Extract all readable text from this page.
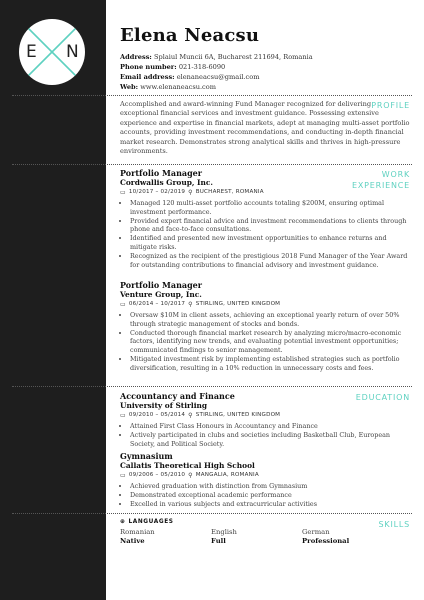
E N
Elena Neacsu
Address: Splaiul Muncii 6A, Bucharest 211694, Romania
Phone number: 021-318-6090
Email address: elenaneacsu@gmail.com
Web: www.elenaneacsu.com
PROFILE
Accomplished and award-winning Fund Manager recognized for delivering exceptional financial services and investment guidance. Possessing extensive experience and expertise in financial markets, adept at managing multi-asset portfolio accounts, providing investment recommendations, and conducting in-depth financial market research. Demonstrates strong analytical skills and thrives in high-pressure environments.
WORK
EXPERIENCE
Portfolio Manager
Cordwallis Group, Inc.
▭ 10/2017 – 02/2019 ⚲ BUCHAREST, ROMANIA
• Managed 120 multi-asset portfolio accounts totaling $200M, ensuring optimal investment performance.
• Provided expert financial advice and investment recommendations to clients through phone and face-to-face consultations.
• Identified and presented new investment opportunities to enhance returns and mitigate risks.
• Recognized as the recipient of the prestigious 2018 Fund Manager of the Year Award for outstanding contributions to financial advisory and investment guidance.
Portfolio Manager
Venture Group, Inc.
▭ 06/2014 – 10/2017 ⚲ STIRLING, UNITED KINGDOM
• Oversaw $10M in client assets, achieving an exceptional yearly return of over 50% through strategic management of stocks and bonds.
• Conducted thorough financial market research by analyzing micro/macro-economic factors, identifying new trends, and evaluating potential investment opportunities; communicated findings to senior management.
• Mitigated investment risk by implementing established strategies such as portfolio diversification, resulting in a 10% reduction in unnecessary costs and fees.
EDUCATION
Accountancy and Finance
University of Stirling
▭ 09/2010 – 05/2014 ⚲ STIRLING, UNITED KINGDOM
• Attained First Class Honours in Accountancy and Finance
• Actively participated in clubs and societies including Basketball Club, European Society, and Political Society.
Gymnasium
Callatis Theoretical High School
▭ 09/2006 – 05/2010 ⚲ MANGALIA, ROMANIA
• Achieved graduation with distinction from Gymnasium
• Demonstrated exceptional academic performance
• Excelled in various subjects and extracurricular activities
SKILLS
⊕ LANGUAGES
Romanian
Native
English
Full
German
Professional
